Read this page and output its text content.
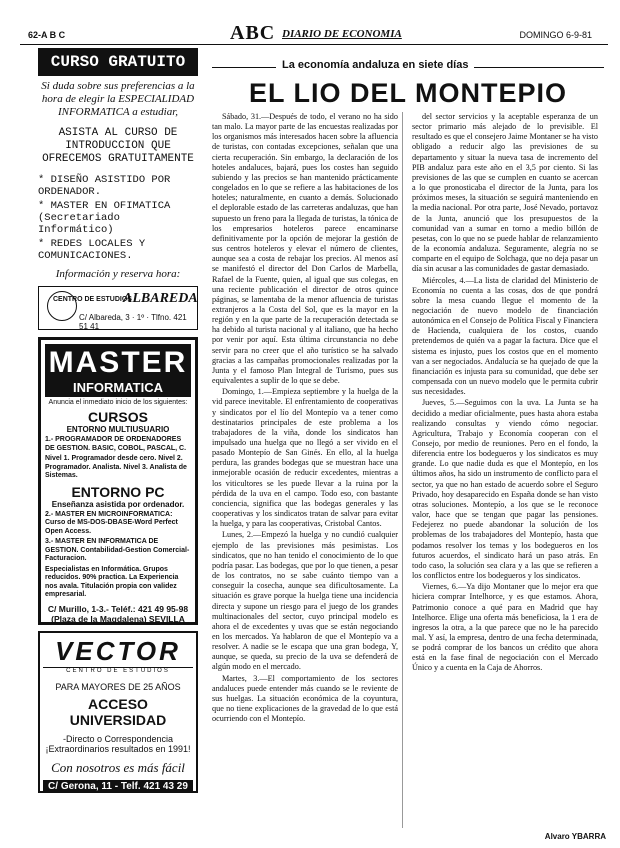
62-A B C	ABC DIARIO DE ECONOMIA	DOMINGO 6-9-81
CURSO GRATUITO
Si duda sobre sus preferencias a la hora de elegir la ESPECIALIDAD INFORMATICA a estudiar,
ASISTA AL CURSO DE INTRODUCCION QUE OFRECEMOS GRATUITAMENTE
* DISEÑO ASISTIDO POR ORDENADOR.
* MASTER EN OFIMATICA (Secretariado Informático)
* REDES LOCALES Y COMUNICACIONES.
Información y reserva hora:
CENTRO DE ESTUDIOS
ALBAREDA
C/ Albareda, 3 · 1º · Tlfno. 421 51 41
MASTER
INFORMATICA
Anuncia el inmediato inicio de los siguientes:
CURSOS
ENTORNO MULTIUSUARIO
1.- PROGRAMADOR DE ORDENADORES DE GESTION. BASIC, COBOL, PASCAL, C.
Nivel 1. Programador desde cero. Nivel 2. Programador. Analista. Nivel 3. Analista de Sistemas.
ENTORNO PC
Enseñanza asistida por ordenador.
2.- MASTER EN MICROINFORMATICA: Curso de MS-DOS-DBASE-Word Perfect Open Access.
3.- MASTER EN INFORMATICA DE GESTION. Contabilidad-Gestion Comercial-Facturacion.
Especialistas en Informática. Grupos reducidos. 90% practica. La Experiencia nos avala. Titulación propia con validez empresarial.
C/ Murillo, 1-3.- Teléf.: 421 49 95-98 (Plaza de la Magdalena) SEVILLA
VECTOR
CENTRO DE ESTUDIOS
PARA MAYORES DE 25 AÑOS
ACCESO UNIVERSIDAD
-Directo o Correspondencia ¡Extraordinarios resultados en 1991!
Con nosotros es más fácil
C/ Gerona, 11 - Telf. 421 43 29
La economía andaluza en siete días
EL LIO DEL MONTEPIO

Sábado, 31.—Después de todo, el verano no ha sido tan malo. La mayor parte de las encuestas realizadas por los organismos más interesados hacen sobre la afluencia de turistas, con contadas excepciones, señalan que una cierta recuperación. Sin embargo, la declaración de los hoteles andaluces, bajará, pues los costes han seguido subiendo y las precios se han mantenido prácticamente congelados en lo que se refiere a las habitaciones de los hoteles; naturalmente, en cuanto a demás. Solucionado el deplorable estado de las carreteras andaluzas, que han supuesto un freno para la llegada de turistas, la tónica de los empresarios hoteleros parece encaminarse definitivamente por la opción de mejorar la gestión de sus centros hoteleros y elevar el número de clientes, aunque sea a costa de rebajar los precios. Al menos así se manifestó el director del Don Carlos de Marbella, Rafael de la Fuente, quien, al igual que sus colegas, en una reciente publicación el director de otros quince páginas, se lamentaba de la menor afluencia de turistas extranjeros a la Costa del Sol, que es la mayor en la región y en la que parte de la recuperación detectada se ha debido al turista nacional y al italiano, que ha hecho por venir por aquí. Esta última circunstancia no debe servir para no creer que el año turístico se ha salvado gracias a las campañas promocionales realizadas por la Junta y el famoso Plan Integral de Turismo, pues sus equivalentes a suplir de lo que se debe.

Domingo, 1.—Empieza septiembre y la huelga de la vid parece inevitable. El enfrentamiento de cooperativas y sindicatos por el lío del Montepío va a tener como destinatarios principales de este problema a los trabajadores de la viña, donde los sindicatos han impulsado una huelga que no llegó a ser vivido en el pasado Montepío de San Ginés. En ello, al la huelga perdura, las grandes bodegas que se muestran hace una inmejorable ocasión de reducir excedentes, mientras a los viticultores se les puede llevar a la ruina por la pérdida de la uva en el campo. Todo eso, con bastante conciencia, significa que las bodegas generales y las cooperativas y los sindicatos tratan de salvar para evitar la huelga, y para las cooperativas, Cristobal Cantos.

Lunes, 2.—Empezó la huelga y no cundió cualquier ejemplo de las previsiones más pesimistas. Los sindicatos, que no han tenido el conocimiento de lo que podría pasar. Las bodegas, que por lo que tienen, a pesar de los contratos, no se sabe cuánto tiempo van a conseguir la cosecha, aunque sea dificultosamente. La situación es grave porque la huelga tiene una incidencia directa y supone un riesgo para el juego de los grandes multinacionales del sector, cuyo principal modelo es ahora el de excedentes y uvas que se están negociando en los mercados. Ya hablaron de que el Montepío va a resolver. A nadie se le escapa que una gran bodega, Y, aunque, se queda, su precio de la uva se defenderá de algún modo en el mercado.

Martes, 3.—El comportamiento de los sectores andaluces puede entender más cuando se le reviente de sus huelgas. La situación económica de la coyuntura, que no tiene explicaciones de la gravedad de lo que está ocurriendo con el Montepío.

del sector servicios y la aceptable esperanza de un sector primario más alejado de lo previsible. El resultado es que el consejero Jaime Montaner se ha visto obligado a reducir algo las previsiones de su departamento y situar la nueva tasa de incremento del PIB andaluz para este año en el 3,5 por ciento. Si las previsiones de las que se cumplen en cuanto se acercan a lo que pronosticaba el director de la Junta, para los próximos meses, la situación se seguirá manteniendo en la media nacional. Por otra parte, José Nevado, portavoz de la Junta, anunció que los presupuestos de la comunidad van a sumar en torno a medio billón de pesetas, con lo que no se puede hablar de relanzamiento de la economía andaluza. Seguramente, alegría no se comparte en el equipo de Solchaga, que no deja pasar un día sin acusar a las comunidades de gastar demasiado.

Miércoles, 4.—La lista de claridad del Ministerio de Economía no cuenta a las cosas, dos de que pondrá sobre la mesa cuando llegue el momento de la negociación de nuevo modelo de financiación autonómica en el Consejo de Política Fiscal y Financiera de Hacienda, cualquiera de los costos, cuando pretendemos de quién va a pagar la factura. Dice que el sistema es injusto, pues los costos que en el momento van a ser negociados. Andalucía se ha quejado de que la financiación es injusta para su comunidad, que debe ser compensada con un nuevo modelo que le permita cubrir sus necesidades.

Jueves, 5.—Seguimos con la uva. La Junta se ha decidido a mediar oficialmente, pues hasta ahora estaba realizando consultas y viendo cómo negociar. Agricultura, Trabajo y Economía cooperan con el Consejo, por medio de reuniones. Pero en el fondo, la diferencia entre los bodegueros y los sindicatos es muy grande. Lo que nadie duda es que el Montepío, en los últimos años, ha sido un instrumento de conflicto para el sector, ya que no han estado de acuerdo sobre el Seguro Privado, hoy desaparecido en España donde se han visto otras soluciones. Montepío, a los que se le reconoce valor, hace que se tengan que pagar las pensiones. Fedejerez no puede abandonar la solución de los problemas de los trabajadores del Montepío, hasta que podamos resolver los temas y los bodegueros en los futuros acuerdos, el sindicato hará un paso atrás. En todo caso, la solución sea clara y a las que se refieren a los conflictos entre los bodegueros y los sindicatos.

Viernes, 6.—Ya dijo Montaner que lo mejor era que hiciera comprar Intelhorce, y es que estamos. Ahora, Patrimonio conoce a qué para en Madrid que hay Intelhorce. Elige una oferta más beneficiosa, la 1 era de ingresos la otra, a la que parece que no le ha parecido mal. Y así, la empresa, dentro de una fecha determinada, se podrá comprar de los bancos un crédito que ahora está en la fase final de negociación con el Mercado Único y a cuenta en la Caja de Ahorros.

Alvaro YBARRA
